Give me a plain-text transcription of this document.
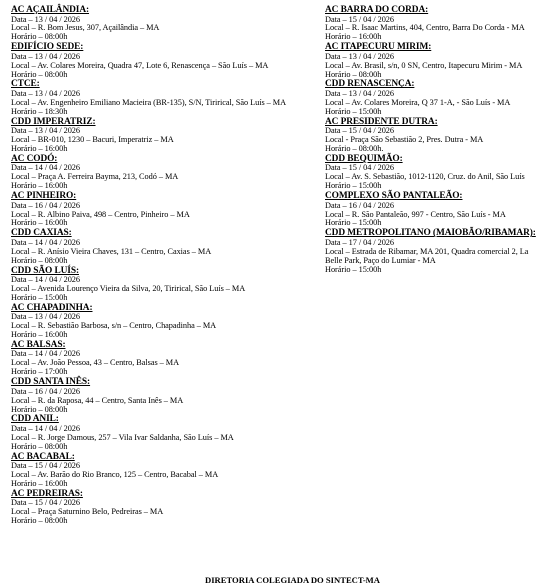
AC AÇAILÂNDIA:
Data – 13 / 04 / 2026
Local – R. Bom Jesus, 307, Açailândia – MA
Horário – 08:00h
EDIFÍCIO SEDE:
Data – 13 / 04 / 2026
Local – Av. Colares Moreira, Quadra 47, Lote 6, Renascença – São Luís – MA
Horário – 08:00h
CTCE:
Data – 13 / 04 / 2026
Local – Av. Engenheiro Emiliano Macieira (BR-135), S/N, Tirirical, São Luís – MA
Horário – 18:30h
CDD IMPERATRIZ:
Data – 13 / 04 / 2026
Local – BR-010, 1230 – Bacuri, Imperatriz – MA
Horário – 16:00h
AC CODÓ:
Data – 14 / 04 / 2026
Local – Praça A. Ferreira Bayma, 213, Codó – MA
Horário – 16:00h
AC PINHEIRO:
Data – 16 / 04 / 2026
Local – R. Albino Paiva, 498 – Centro, Pinheiro – MA
Horário – 16:00h
CDD CAXIAS:
Data – 14 / 04 / 2026
Local – R. Anísio Vieira Chaves, 131 – Centro, Caxias – MA
Horário – 08:00h
CDD SÃO LUÍS:
Data – 14 / 04 / 2026
Local – Avenida Lourenço Vieira da Silva, 20, Tirirical, São Luís – MA
Horário – 15:00h
AC CHAPADINHA:
Data – 13 / 04 / 2026
Local – R. Sebastião Barbosa, s/n – Centro, Chapadinha – MA
Horário – 16:00h
AC BALSAS:
Data – 14 / 04 / 2026
Local – Av. João Pessoa, 43 – Centro, Balsas – MA
Horário – 17:00h
CDD SANTA INÊS:
Data – 16 / 04 / 2026
Local – R. da Raposa, 44 – Centro, Santa Inês – MA
Horário – 08:00h
CDD ANIL:
Data – 14 / 04 / 2026
Local – R. Jorge Damous, 257 – Vila Ivar Saldanha, São Luís – MA
Horário – 08:00h
AC BACABAL:
Data – 15 / 04 / 2026
Local – Av. Barão do Rio Branco, 125 – Centro, Bacabal – MA
Horário – 16:00h
AC PEDREIRAS:
Data – 15 / 04 / 2026
Local – Praça Saturnino Belo, Pedreiras – MA
Horário – 08:00h
AC BARRA DO CORDA:
Data – 15 / 04 / 2026
Local – R. Isaac Martins, 404, Centro, Barra Do Corda - MA
Horário – 16:00h
AC ITAPECURU MIRIM:
Data – 13 / 04 / 2026
Local – Av. Brasil, s/n, 0 SN, Centro, Itapecuru Mirim - MA
Horário – 08:00h
CDD RENASCENÇA:
Data – 13 / 04 / 2026
Local – Av. Colares Moreira, Q 37 1-A, - São Luís - MA
Horário – 15:00h
AC PRESIDENTE DUTRA:
Data – 15 / 04 / 2026
Local - Praça São Sebastião 2, Pres. Dutra - MA
Horário – 08:00h.
CDD BEQUIMÃO:
Data – 15 / 04 / 2026
Local – Av. S. Sebastião, 1012-1120, Cruz. do Anil, São Luís
Horário – 15:00h
COMPLEXO SÃO PANTALEÃO:
Data – 16 / 04 / 2026
Local – R. São Pantaleão, 997 - Centro, São Luís - MA
Horário – 15:00h
CDD METROPOLITANO (MAIOBÃO/RIBAMAR):
Data – 17 / 04 / 2026
Local – Estrada de Ribamar, MA 201, Quadra comercial 2, La
Belle Park, Paço do Lumiar - MA
Horário – 15:00h
DIRETORIA COLEGIADA DO SINTECT-MA
